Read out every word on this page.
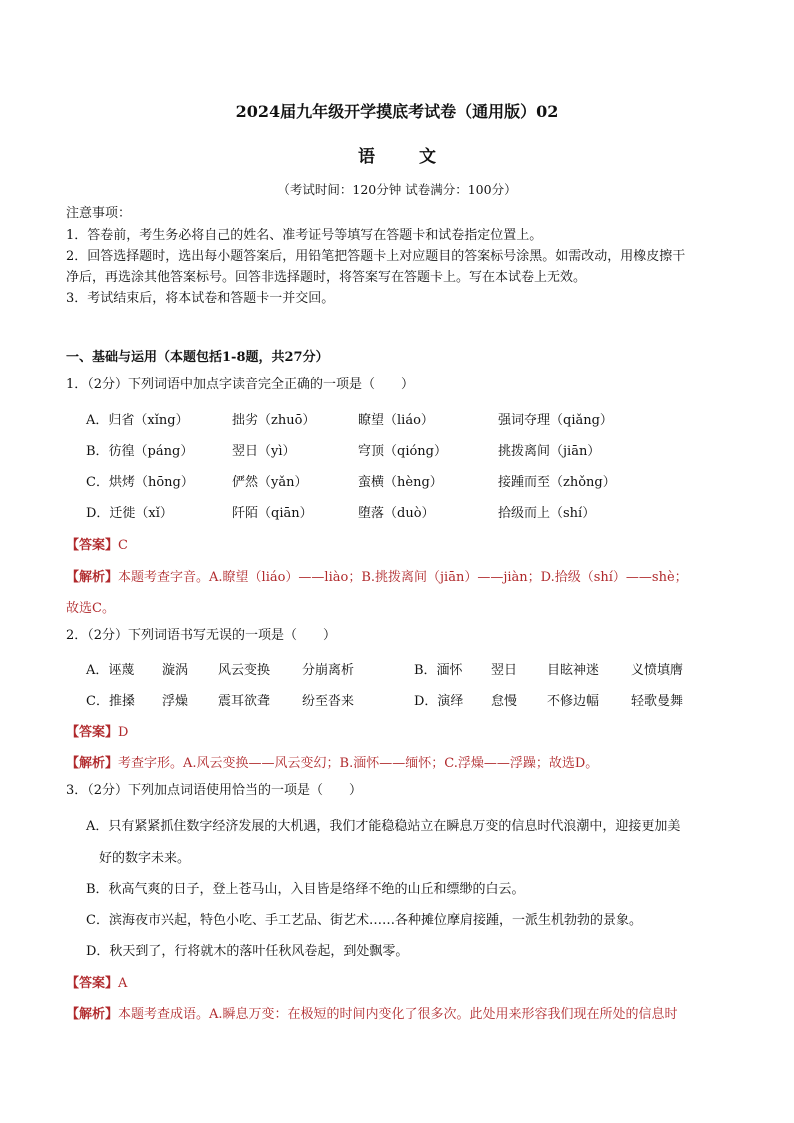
2024届九年级开学摸底考试卷（通用版）02
语文
（考试时间：120分钟 试卷满分：100分）
注意事项：
1．答卷前，考生务必将自己的姓名、准考证号等填写在答题卡和试卷指定位置上。
2．回答选择题时，选出每小题答案后，用铅笔把答题卡上对应题目的答案标号涂黑。如需改动，用橡皮擦干
净后，再选涂其他答案标号。回答非选择题时，将答案写在答题卡上。写在本试卷上无效。
3．考试结束后，将本试卷和答题卡一并交回。
一、基础与运用（本题包括1-8题，共27分）
1．（2分）下列词语中加点字读音完全正确的一项是（　　）
A．归省（xǐng）	拙劣（zhuō）	瞭望（liáo）	强词夺理（qiǎng）
B．彷徨（páng）	翌日（yì）	穹顶（qióng）	挑拨离间（jiān）
C．烘烤（hōng）	俨然（yǎn）	蛮横（hèng）	接踵而至（zhǒng）
D．迁徙（xǐ）	阡陌（qiān）	堕落（duò）	拾级而上（shí）
【答案】C
【解析】本题考查字音。A.瞭望（liáo）——liào；B.挑拨离间（jiān）——jiàn；D.拾级（shí）——shè；
故选C。
2．（2分）下列词语书写无误的一项是（　　）
A．诬蔑 漩涡 风云变换 分崩离析	B．湎怀 翌日 目眩神迷 义愤填膺
C．推搡 浮燥 震耳欲聋 纷至沓来	D．演绎 怠慢 不修边幅 轻歌曼舞
【答案】D
【解析】考查字形。A.风云变换——风云变幻；B.湎怀——缅怀；C.浮燥——浮躁；故选D。
3．（2分）下列加点词语使用恰当的一项是（　　）
A．只有紧紧抓住数字经济发展的大机遇，我们才能稳稳站立在瞬息万变的信息时代浪潮中，迎接更加美
好的数字未来。
B．秋高气爽的日子，登上苍马山，入目皆是络绎不绝的山丘和缥缈的白云。
C．滨海夜市兴起，特色小吃、手工艺品、街艺术……各种摊位摩肩接踵，一派生机勃勃的景象。
D．秋天到了，行将就木的落叶任秋风卷起，到处飘零。
【答案】A
【解析】本题考查成语。A.瞬息万变：在极短的时间内变化了很多次。此处用来形容我们现在所处的信息时
